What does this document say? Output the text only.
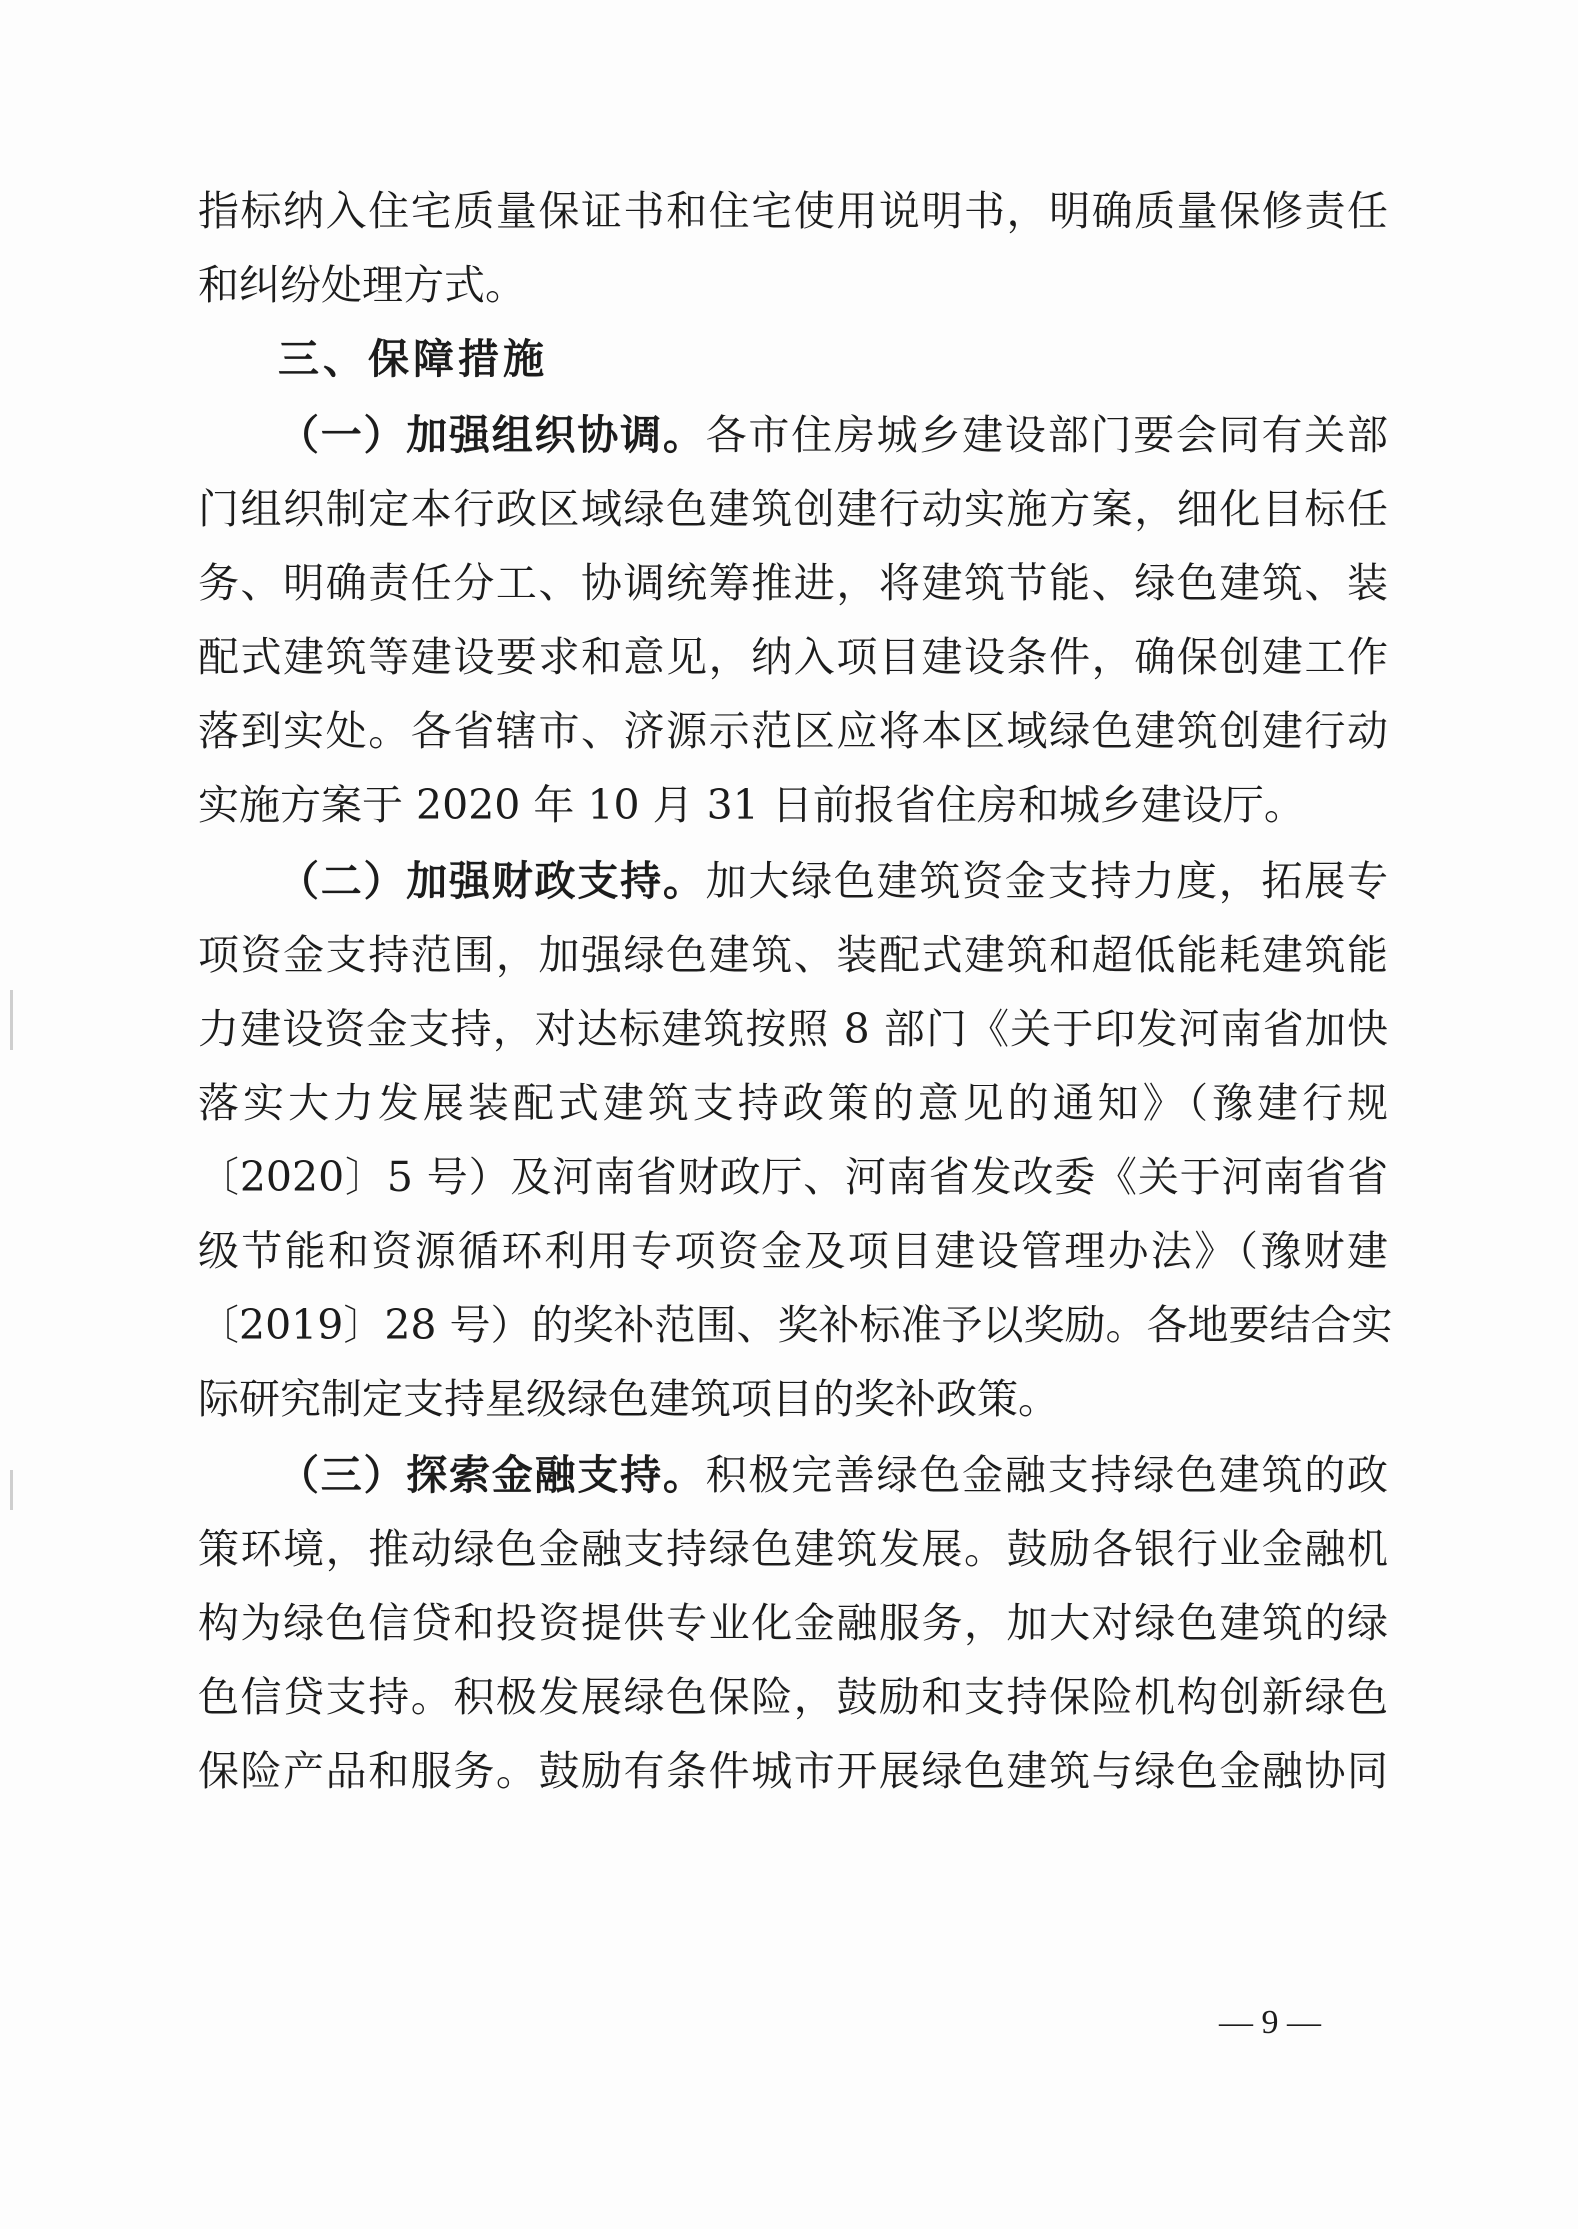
指标纳入住宅质量保证书和住宅使用说明书，明确质量保修责任
和纠纷处理方式。
三、保障措施
（一）加强组织协调。各市住房城乡建设部门要会同有关部
门组织制定本行政区域绿色建筑创建行动实施方案，细化目标任
务、明确责任分工、协调统筹推进，将建筑节能、绿色建筑、装
配式建筑等建设要求和意见，纳入项目建设条件，确保创建工作
落到实处。各省辖市、济源示范区应将本区域绿色建筑创建行动
实施方案于 2020 年 10 月 31 日前报省住房和城乡建设厅。
（二）加强财政支持。加大绿色建筑资金支持力度，拓展专
项资金支持范围，加强绿色建筑、装配式建筑和超低能耗建筑能
力建设资金支持，对达标建筑按照 8 部门《关于印发河南省加快
落实大力发展装配式建筑支持政策的意见的通知》（豫建行规
〔2020〕5 号）及河南省财政厅、河南省发改委《关于河南省省
级节能和资源循环利用专项资金及项目建设管理办法》（豫财建
〔2019〕28 号）的奖补范围、奖补标准予以奖励。各地要结合实
际研究制定支持星级绿色建筑项目的奖补政策。
（三）探索金融支持。积极完善绿色金融支持绿色建筑的政
策环境，推动绿色金融支持绿色建筑发展。鼓励各银行业金融机
构为绿色信贷和投资提供专业化金融服务，加大对绿色建筑的绿
色信贷支持。积极发展绿色保险，鼓励和支持保险机构创新绿色
保险产品和服务。鼓励有条件城市开展绿色建筑与绿色金融协同
— 9 —
